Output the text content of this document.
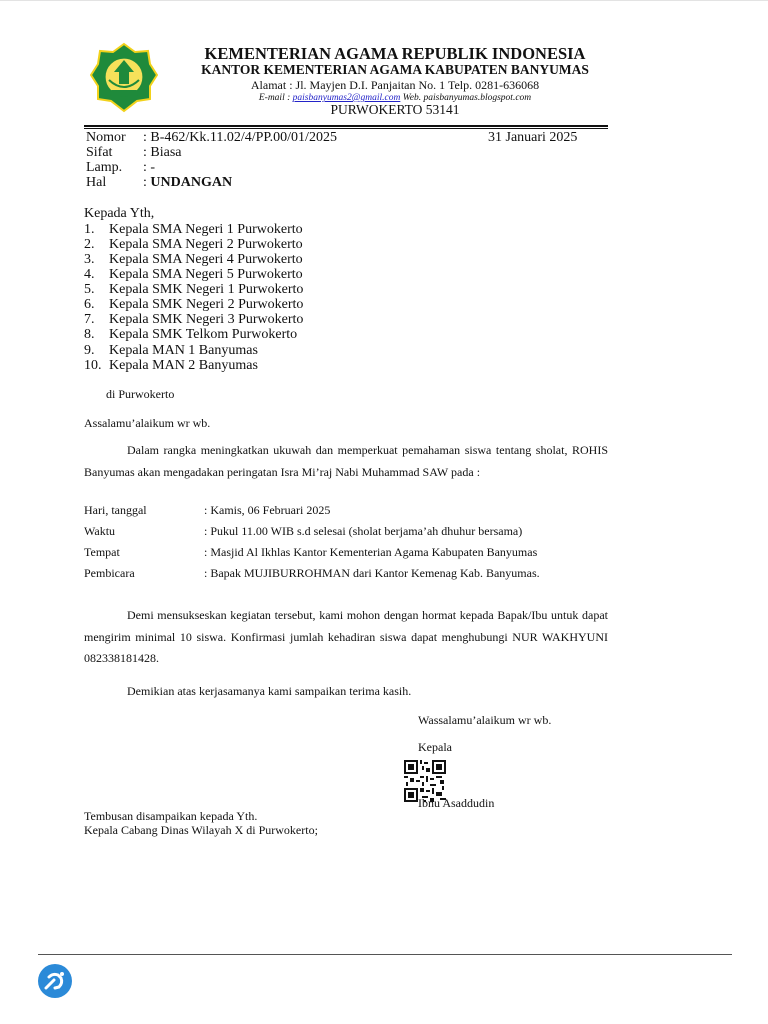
KEMENTERIAN AGAMA REPUBLIK INDONESIA
KANTOR KEMENTERIAN AGAMA KABUPATEN BANYUMAS
Alamat : Jl. Mayjen D.I. Panjaitan No. 1 Telp. 0281-636068
E-mail : paisbanyumas2@gmail.com Web. paisbanyumas.blogspot.com
PURWOKERTO 53141
Nomor : B-462/Kk.11.02/4/PP.00/01/2025	31 Januari 2025
Sifat : Biasa
Lamp. : -
Hal	: UNDANGAN
Kepada Yth,
1. Kepala SMA Negeri 1 Purwokerto
2. Kepala SMA Negeri 2 Purwokerto
3. Kepala SMA Negeri 4 Purwokerto
4. Kepala SMA Negeri 5 Purwokerto
5. Kepala SMK Negeri 1 Purwokerto
6. Kepala SMK Negeri 2 Purwokerto
7. Kepala SMK Negeri 3 Purwokerto
8. Kepala SMK Telkom Purwokerto
9. Kepala MAN 1 Banyumas
10. Kepala MAN 2 Banyumas
di Purwokerto
Assalamu’alaikum wr wb.
Dalam rangka meningkatkan ukuwah dan memperkuat pemahaman siswa tentang sholat, ROHIS Banyumas akan mengadakan peringatan Isra Mi’raj Nabi Muhammad SAW pada :
Hari, tanggal	: Kamis, 06 Februari 2025
Waktu	: Pukul 11.00 WIB s.d selesai (sholat berjama’ah dhuhur bersama)
Tempat	: Masjid Al Ikhlas Kantor Kementerian Agama Kabupaten Banyumas
Pembicara	: Bapak MUJIBURROHMAN dari Kantor Kemenag Kab. Banyumas.
Demi mensukseskan kegiatan tersebut, kami mohon dengan hormat kepada Bapak/Ibu untuk dapat mengirim minimal 10 siswa. Konfirmasi jumlah kehadiran siswa dapat menghubungi NUR WAKHYUNI 082338181428.
Demikian atas kerjasamanya kami sampaikan terima kasih.
Wassalamu’alaikum wr wb.
Kepala
Ibnu Asaddudin
Tembusan disampaikan kepada Yth.
Kepala Cabang Dinas Wilayah X di Purwokerto;
